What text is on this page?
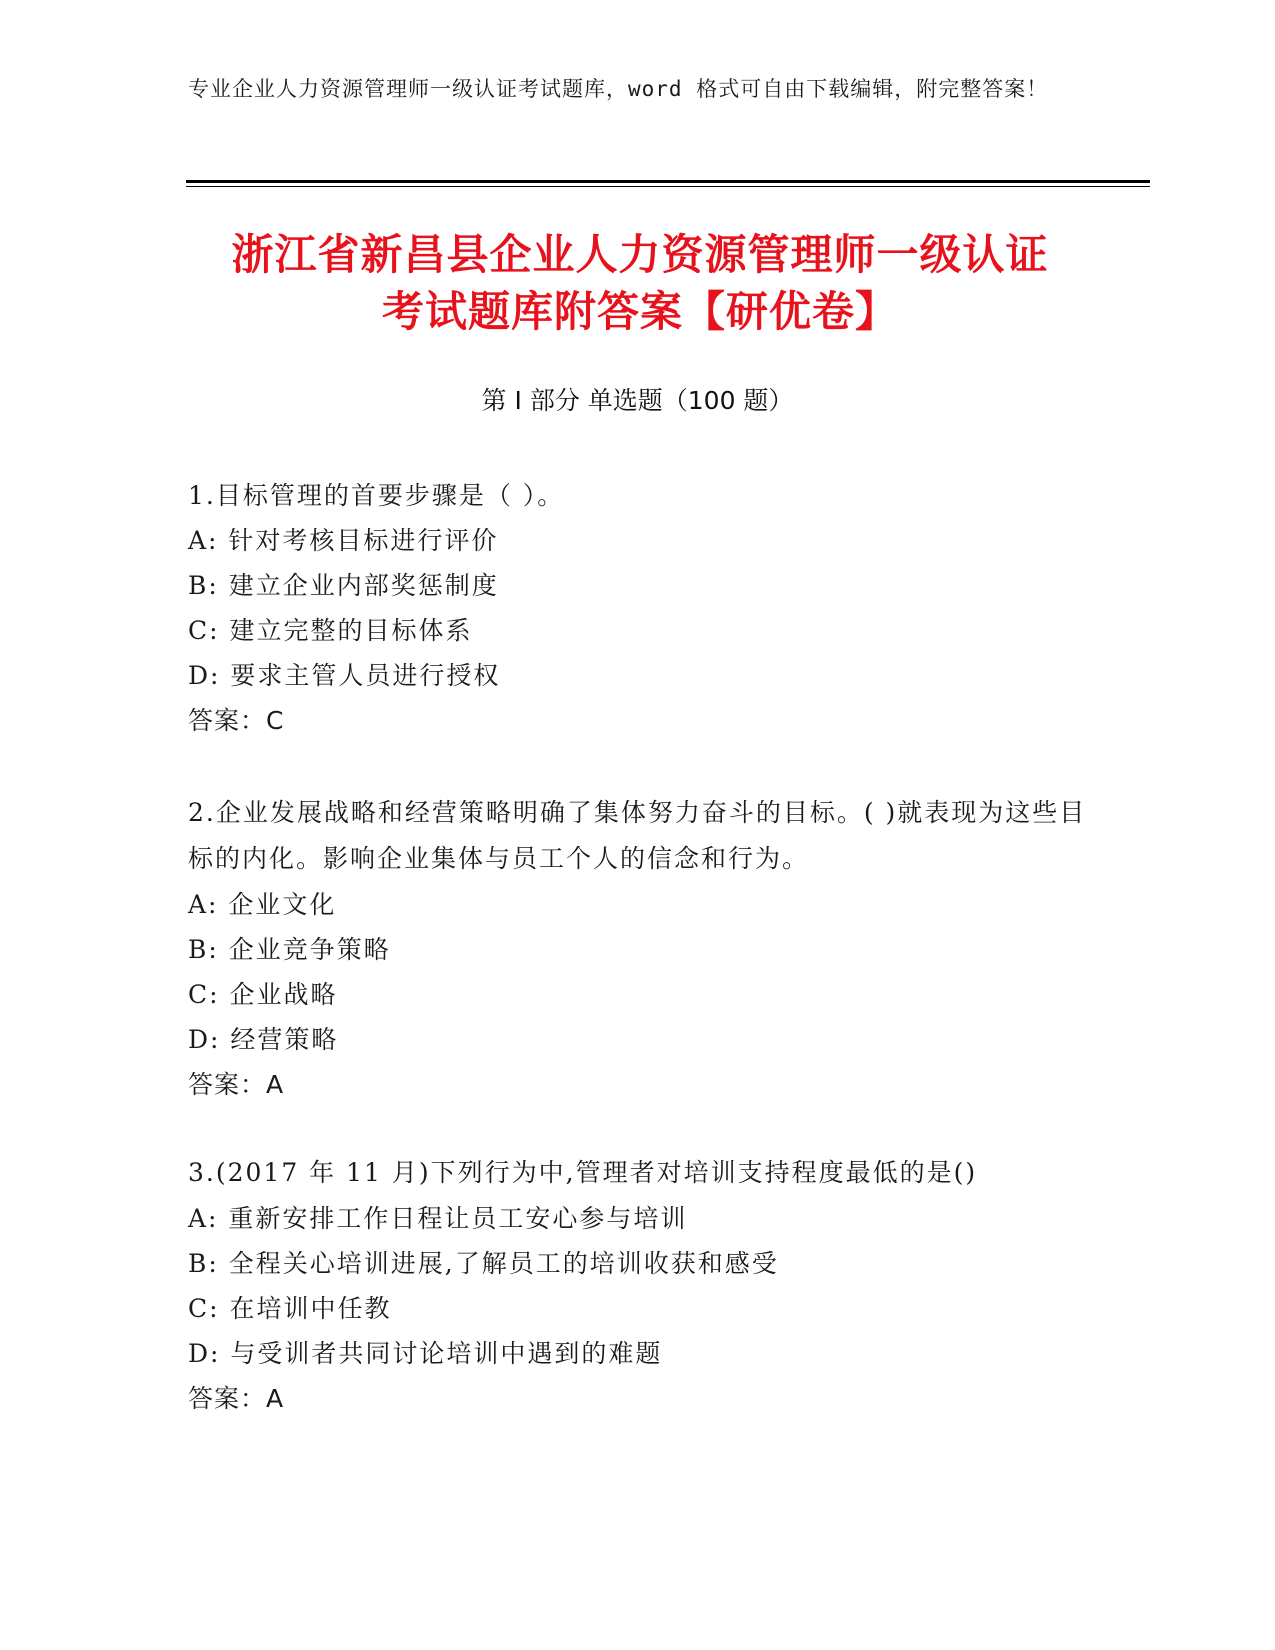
专业企业人力资源管理师一级认证考试题库，word 格式可自由下载编辑，附完整答案！
浙江省新昌县企业人力资源管理师一级认证
考试题库附答案【研优卷】
第 I 部分 单选题（100 题）
1.目标管理的首要步骤是（ ）。
A: 针对考核目标进行评价
B: 建立企业内部奖惩制度
C: 建立完整的目标体系
D: 要求主管人员进行授权
答案：C
2.企业发展战略和经营策略明确了集体努力奋斗的目标。( )就表现为这些目标的内化。影响企业集体与员工个人的信念和行为。
A: 企业文化
B: 企业竞争策略
C: 企业战略
D: 经营策略
答案：A
3.(2017 年 11 月)下列行为中,管理者对培训支持程度最低的是()
A: 重新安排工作日程让员工安心参与培训
B: 全程关心培训进展,了解员工的培训收获和感受
C: 在培训中任教
D: 与受训者共同讨论培训中遇到的难题
答案：A
